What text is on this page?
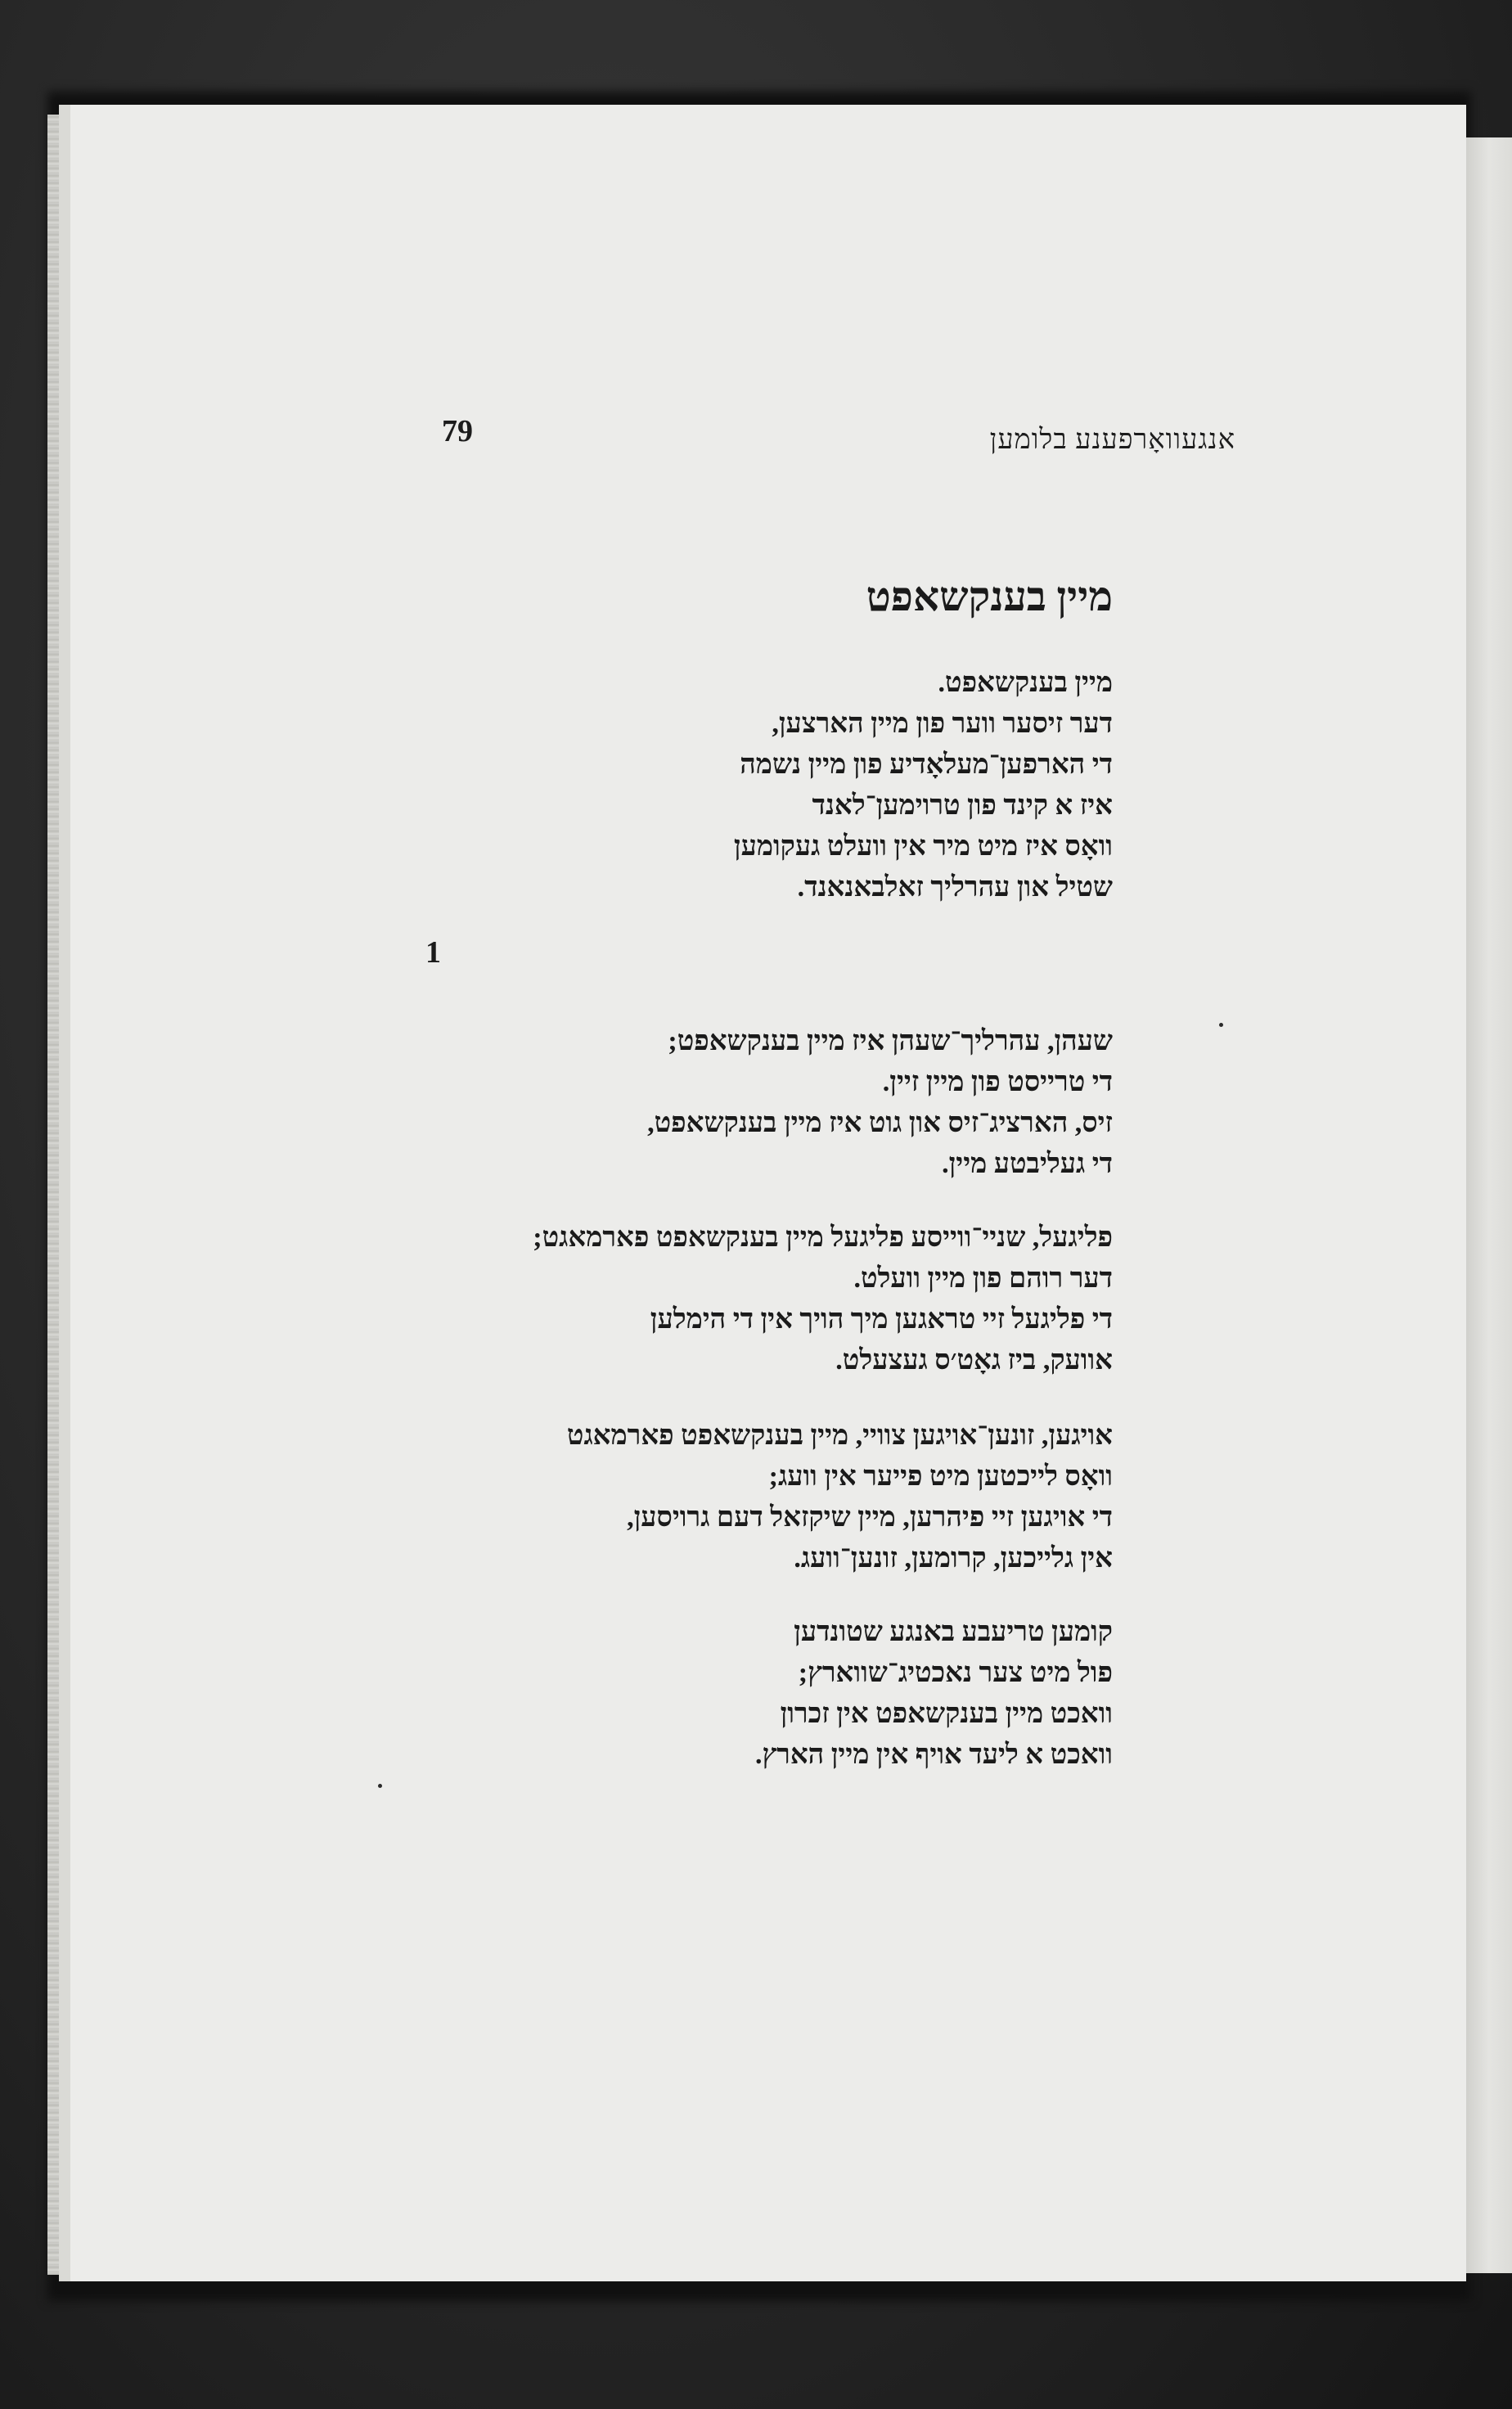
79	אנגעוואָרפענע בלומען
מיין בענקשאפט
מיין בענקשאפט.
דער זיסער ווער פון מיין הארצען,
די הארפען־מעלאָדיע פון מיין נשמה
איז א קינד פון טרוימען־לאנד
וואָס איז מיט מיר אין וועלט געקומען
שטיל און עהרליך זאלבאנאנד.
שעהן, עהרליך־שעהן איז מיין בענקשאפט;
די טרייסט פון מיין זיין.
זיס, הארציג־זיס און גוט איז מיין בענקשאפט,
די געליבטע מיין.
פליגעל, שניי־ווייסע פליגעל מיין בענקשאפט פארמאגט;
דער רוהם פון מיין וועלט.
די פליגעל זיי טראגען מיך הויך אין די הימלען
אוועק, ביז גאָט׳ס געצעלט.
אויגען, זונען־אויגען צוויי, מיין בענקשאפט פארמאגט
וואָס לייכטען מיט פייער אין וועג;
די אויגען זיי פיהרען, מיין שיקזאל דעם גרויסען,
אין גלייכען, קרומען, זונען־וועג.
קומען טריעבע באנגע שטונדען
פול מיט צער נאכטיג־שווארץ;
וואכט מיין בענקשאפט אין זכרון
וואכט א ליעד אויף אין מיין הארץ.
1
